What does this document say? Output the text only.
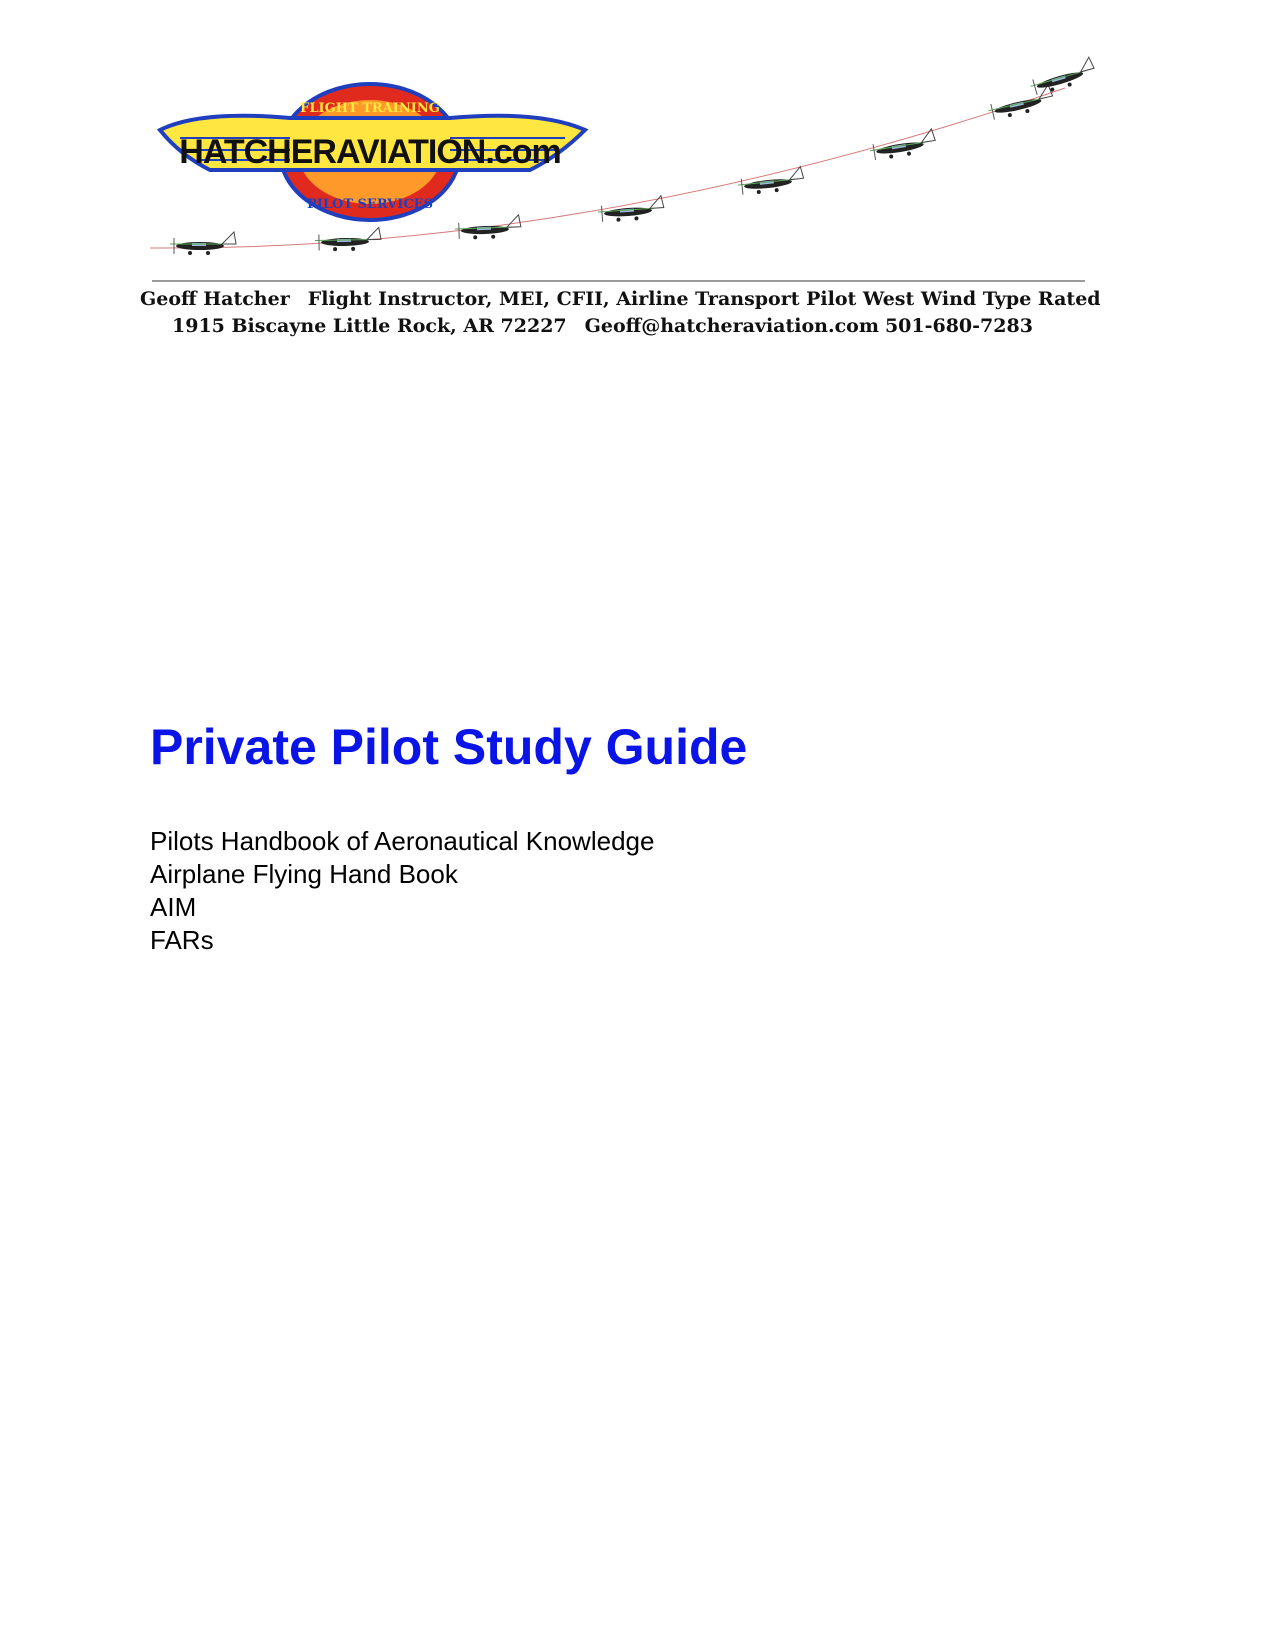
HATCHERAVIATION.com
FLIGHT TRAINING
PILOT SERVICES
Geoff Hatcher Flight Instructor, MEI, CFII, Airline Transport Pilot West Wind Type Rated
1915 Biscayne Little Rock, AR 72227 Geoff@hatcheraviation.com 501-680-7283
Private Pilot Study Guide
Pilots Handbook of Aeronautical Knowledge
Airplane Flying Hand Book
AIM
FARs
